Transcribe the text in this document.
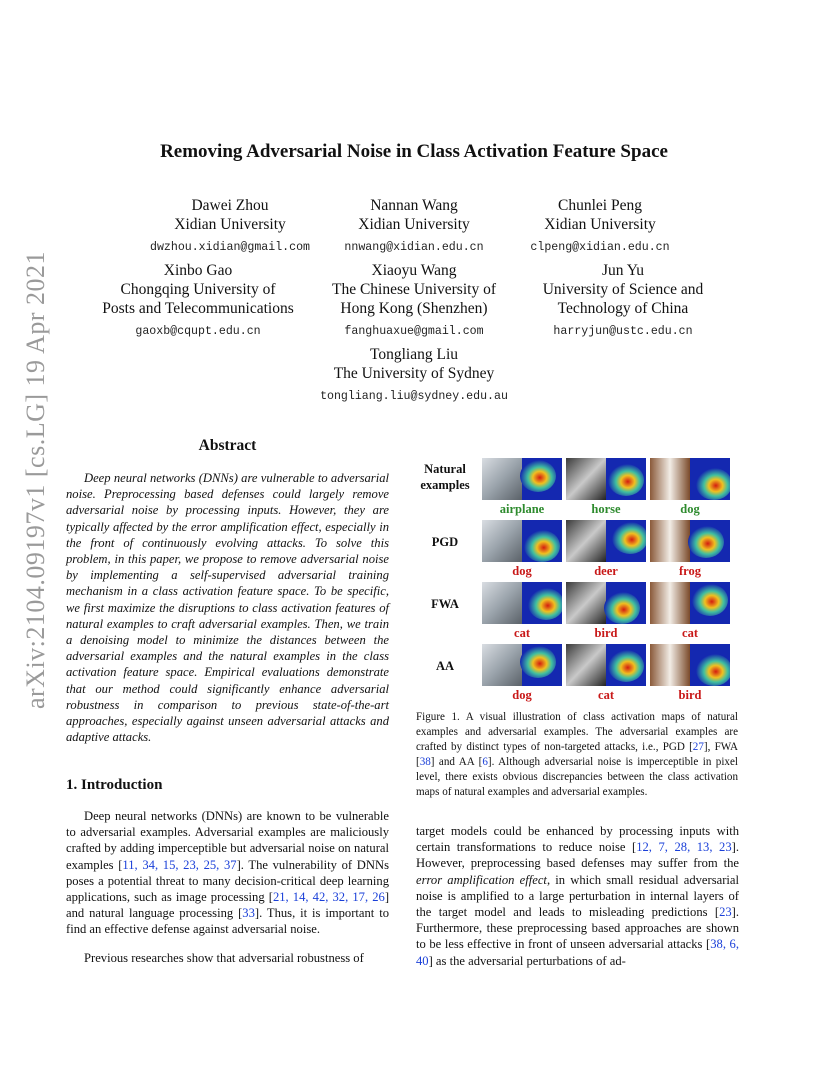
arXiv:2104.09197v1 [cs.LG] 19 Apr 2021
Removing Adversarial Noise in Class Activation Feature Space
Dawei Zhou
Xidian University
dwzhou.xidian@gmail.com
Nannan Wang
Xidian University
nnwang@xidian.edu.cn
Chunlei Peng
Xidian University
clpeng@xidian.edu.cn
Xinbo Gao
Chongqing University of
Posts and Telecommunications
gaoxb@cqupt.edu.cn
Xiaoyu Wang
The Chinese University of
Hong Kong (Shenzhen)
fanghuaxue@gmail.com
Jun Yu
University of Science and
Technology of China
harryjun@ustc.edu.cn
Tongliang Liu
The University of Sydney
tongliang.liu@sydney.edu.au
Abstract
Deep neural networks (DNNs) are vulnerable to adversarial noise. Preprocessing based defenses could largely remove adversarial noise by processing inputs. However, they are typically affected by the error amplification effect, especially in the front of continuously evolving attacks. To solve this problem, in this paper, we propose to remove adversarial noise by implementing a self-supervised adversarial training mechanism in a class activation feature space. To be specific, we first maximize the disruptions to class activation features of natural examples to craft adversarial examples. Then, we train a denoising model to minimize the distances between the adversarial examples and the natural examples in the class activation feature space. Empirical evaluations demonstrate that our method could significantly enhance adversarial robustness in comparison to previous state-of-the-art approaches, especially against unseen adversarial attacks and adaptive attacks.
1. Introduction
Deep neural networks (DNNs) are known to be vulnerable to adversarial examples. Adversarial examples are maliciously crafted by adding imperceptible but adversarial noise on natural examples [11, 34, 15, 23, 25, 37]. The vulnerability of DNNs poses a potential threat to many decision-critical deep learning applications, such as image processing [21, 14, 42, 32, 17, 26] and natural language processing [33]. Thus, it is important to find an effective defense against adversarial noise.
Previous researches show that adversarial robustness of
Natural
examples
airplane	horse	dog
PGD
dog	deer	frog
FWA
cat	bird	cat
AA
dog	cat	bird
Figure 1. A visual illustration of class activation maps of natural examples and adversarial examples. The adversarial examples are crafted by distinct types of non-targeted attacks, i.e., PGD [27], FWA [38] and AA [6]. Although adversarial noise is imperceptible in pixel level, there exists obvious discrepancies between the class activation maps of natural examples and adversarial examples.
target models could be enhanced by processing inputs with certain transformations to reduce noise [12, 7, 28, 13, 23]. However, preprocessing based defenses may suffer from the error amplification effect, in which small residual adversarial noise is amplified to a large perturbation in internal layers of the target model and leads to misleading predictions [23]. Furthermore, these preprocessing based approaches are shown to be less effective in front of unseen adversarial attacks [38, 6, 40] as the adversarial perturbations of ad-
